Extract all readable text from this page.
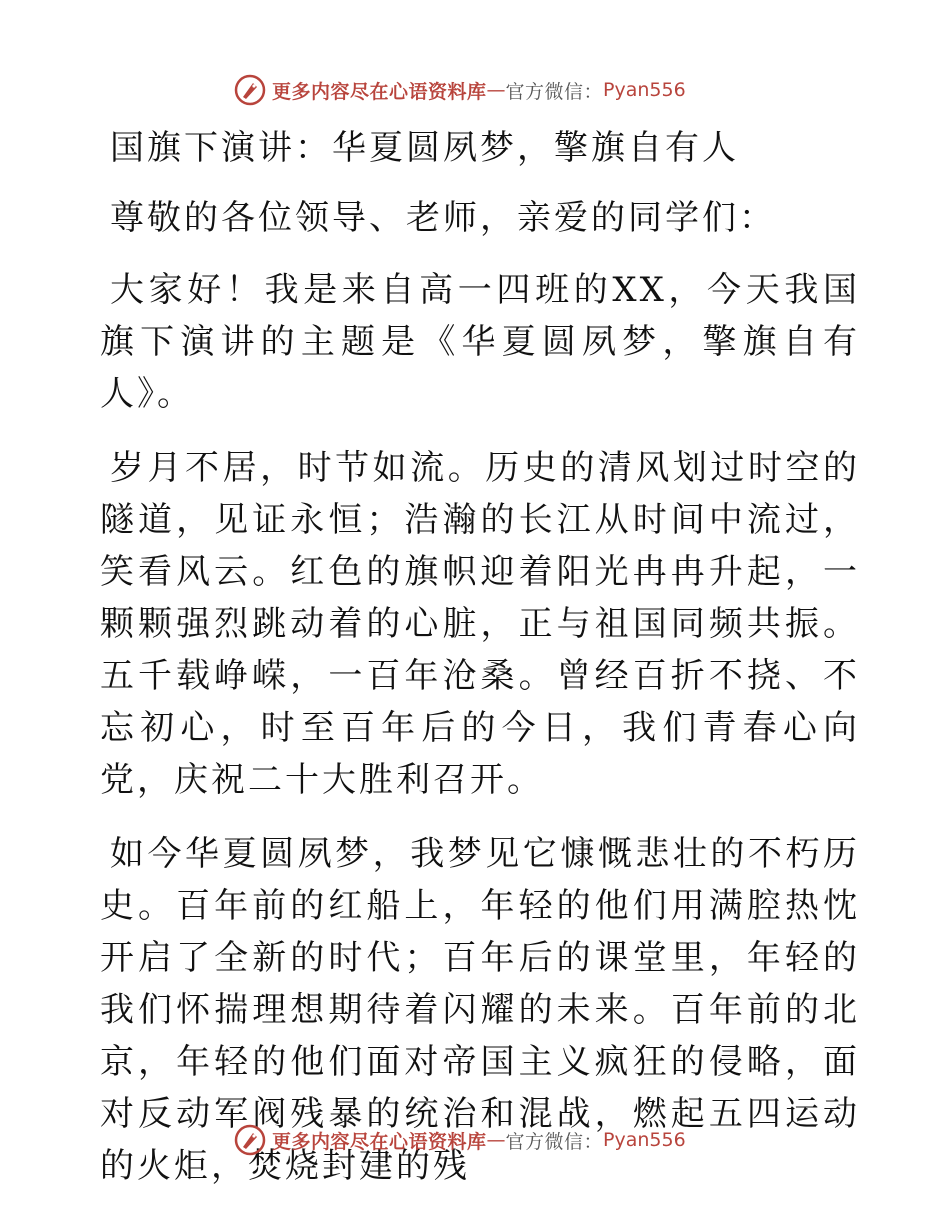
更多内容尽在心语资料库 — 官方微信： Pyan556

国旗下演讲：华夏圆夙梦，擎旗自有人

尊敬的各位领导、老师，亲爱的同学们：

大家好！我是来自高一四班的XX，今天我国旗下演讲的主题是《华夏圆夙梦，擎旗自有人》。

岁月不居，时节如流。历史的清风划过时空的隧道，见证永恒；浩瀚的长江从时间中流过，笑看风云。红色的旗帜迎着阳光冉冉升起，一颗颗强烈跳动着的心脏，正与祖国同频共振。五千载峥嵘，一百年沧桑。曾经百折不挠、不忘初心，时至百年后的今日，我们青春心向党，庆祝二十大胜利召开。

如今华夏圆夙梦，我梦见它慷慨悲壮的不朽历史。百年前的红船上，年轻的他们用满腔热忱开启了全新的时代；百年后的课堂里，年轻的我们怀揣理想期待着闪耀的未来。百年前的北京，年轻的他们面对帝国主义疯狂的侵略，面对反动军阀残暴的统治和混战，燃起五四运动的火炬，焚烧封建的残

更多内容尽在心语资料库 — 官方微信： Pyan556
